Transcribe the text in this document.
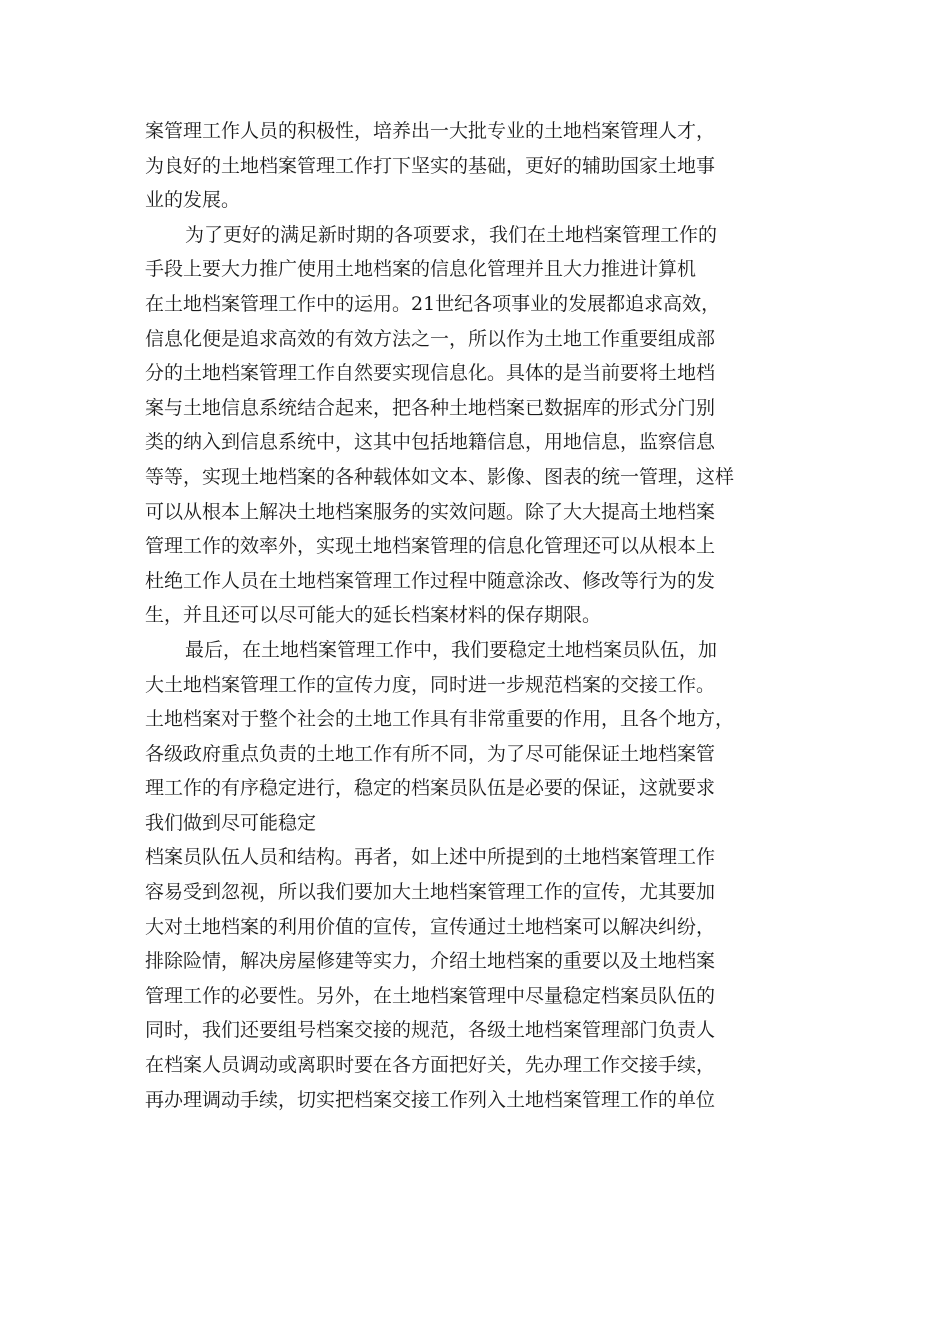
案管理工作人员的积极性，培养出一大批专业的土地档案管理人才，
为良好的土地档案管理工作打下坚实的基础，更好的辅助国家土地事
业的发展。
为了更好的满足新时期的各项要求，我们在土地档案管理工作的
手段上要大力推广使用土地档案的信息化管理并且大力推进计算机
在土地档案管理工作中的运用。21世纪各项事业的发展都追求高效，
信息化便是追求高效的有效方法之一，所以作为土地工作重要组成部
分的土地档案管理工作自然要实现信息化。具体的是当前要将土地档
案与土地信息系统结合起来，把各种土地档案已数据库的形式分门别
类的纳入到信息系统中，这其中包括地籍信息，用地信息，监察信息
等等，实现土地档案的各种载体如文本、影像、图表的统一管理，这样
可以从根本上解决土地档案服务的实效问题。除了大大提高土地档案
管理工作的效率外，实现土地档案管理的信息化管理还可以从根本上
杜绝工作人员在土地档案管理工作过程中随意涂改、修改等行为的发
生，并且还可以尽可能大的延长档案材料的保存期限。
最后，在土地档案管理工作中，我们要稳定土地档案员队伍，加
大土地档案管理工作的宣传力度，同时进一步规范档案的交接工作。
土地档案对于整个社会的土地工作具有非常重要的作用，且各个地方，
各级政府重点负责的土地工作有所不同，为了尽可能保证土地档案管
理工作的有序稳定进行，稳定的档案员队伍是必要的保证，这就要求
我们做到尽可能稳定
档案员队伍人员和结构。再者，如上述中所提到的土地档案管理工作
容易受到忽视，所以我们要加大土地档案管理工作的宣传，尤其要加
大对土地档案的利用价值的宣传，宣传通过土地档案可以解决纠纷，
排除险情，解决房屋修建等实力，介绍土地档案的重要以及土地档案
管理工作的必要性。另外，在土地档案管理中尽量稳定档案员队伍的
同时，我们还要组号档案交接的规范，各级土地档案管理部门负责人
在档案人员调动或离职时要在各方面把好关，先办理工作交接手续，
再办理调动手续，切实把档案交接工作列入土地档案管理工作的单位
